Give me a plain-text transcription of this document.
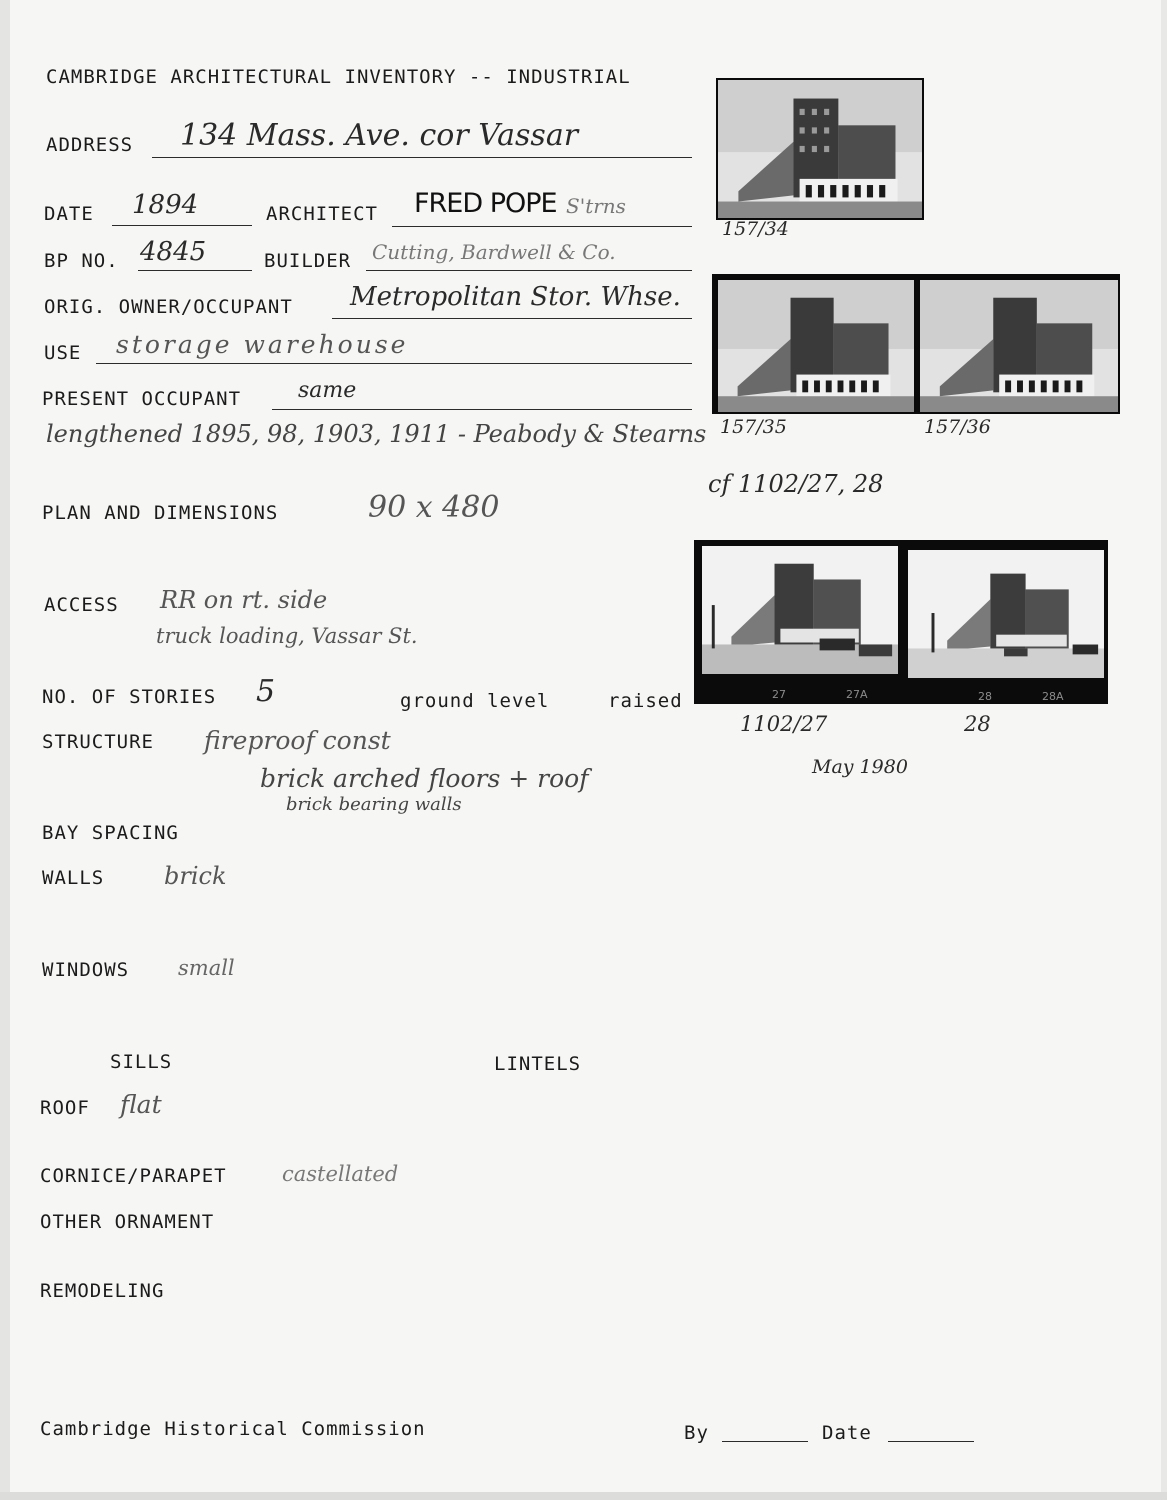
CAMBRIDGE ARCHITECTURAL INVENTORY -- INDUSTRIAL
ADDRESS 134 Mass. Ave. cor Vassar
DATE 1894	ARCHITECT FRED POPE S'trns
BP NO. 4845	BUILDER Cutting, Bardwell & Co.
ORIG. OWNER/OCCUPANT Metropolitan Stor. Whse.
USE storage warehouse
PRESENT OCCUPANT	same
lengthened 1895, 98, 1903, 1911 - Peabody & Stearns
PLAN AND DIMENSIONS	90 x 480
ACCESS RR on rt. side
truck loading, Vassar St.
NO. OF STORIES 5	ground level	raised
STRUCTURE fireproof const
brick arched floors + roof
brick bearing walls
BAY SPACING
WALLS brick
WINDOWS small
SILLS	LINTELS
ROOF flat
CORNICE/PARAPET	castellated
OTHER ORNAMENT
REMODELING
Cambridge Historical Commission	By	Date
157/34
157/35	157/36
cf 1102/27, 28
27	27A	28	28A
1102/27	28
May 1980
